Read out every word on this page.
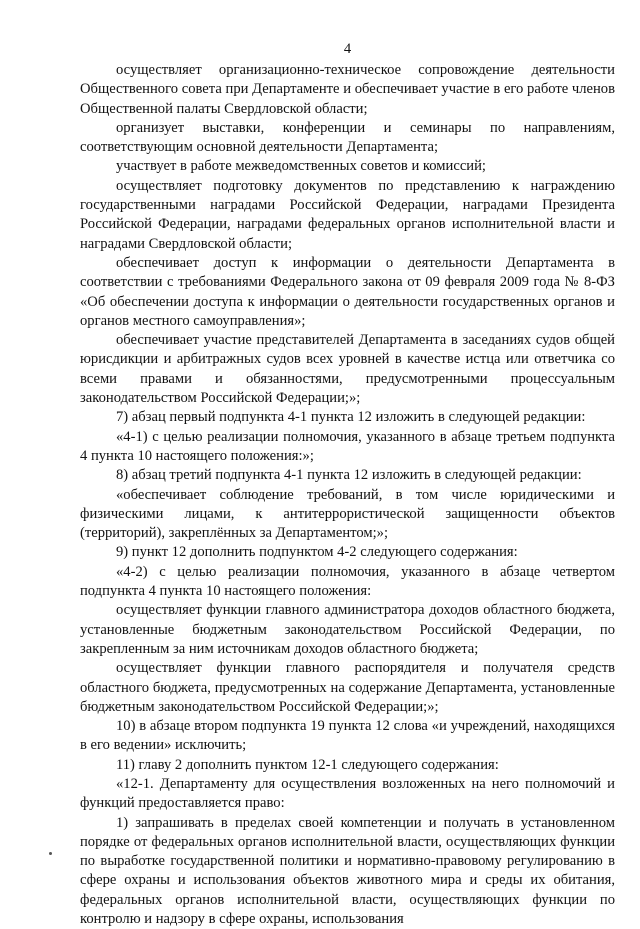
4

осуществляет организационно-техническое сопровождение деятельности Общественного совета при Департаменте и обеспечивает участие в его работе членов Общественной палаты Свердловской области;

организует выставки, конференции и семинары по направлениям, соответствующим основной деятельности Департамента;

участвует в работе межведомственных советов и комиссий;

осуществляет подготовку документов по представлению к награждению государственными наградами Российской Федерации, наградами Президента Российской Федерации, наградами федеральных органов исполнительной власти и наградами Свердловской области;

обеспечивает доступ к информации о деятельности Департамента в соответствии с требованиями Федерального закона от 09 февраля 2009 года № 8-ФЗ «Об обеспечении доступа к информации о деятельности государственных органов и органов местного самоуправления»;

обеспечивает участие представителей Департамента в заседаниях судов общей юрисдикции и арбитражных судов всех уровней в качестве истца или ответчика со всеми правами и обязанностями, предусмотренными процессуальным законодательством Российской Федерации;»;

7) абзац первый подпункта 4-1 пункта 12 изложить в следующей редакции:

«4-1) с целью реализации полномочия, указанного в абзаце третьем подпункта 4 пункта 10 настоящего положения:»;

8) абзац третий подпункта 4-1 пункта 12 изложить в следующей редакции:

«обеспечивает соблюдение требований, в том числе юридическими и физическими лицами, к антитеррористической защищенности объектов (территорий), закреплённых за Департаментом;»;

9) пункт 12 дополнить подпунктом 4-2 следующего содержания:

«4-2) с целью реализации полномочия, указанного в абзаце четвертом подпункта 4 пункта 10 настоящего положения:

осуществляет функции главного администратора доходов областного бюджета, установленные бюджетным законодательством Российской Федерации, по закрепленным за ним источникам доходов областного бюджета;

осуществляет функции главного распорядителя и получателя средств областного бюджета, предусмотренных на содержание Департамента, установленные бюджетным законодательством Российской Федерации;»;

10) в абзаце втором подпункта 19 пункта 12 слова «и учреждений, находящихся в его ведении» исключить;

11) главу 2 дополнить пунктом 12-1 следующего содержания:

«12-1. Департаменту для осуществления возложенных на него полномочий и функций предоставляется право:

1) запрашивать в пределах своей компетенции и получать в установленном порядке от федеральных органов исполнительной власти, осуществляющих функции по выработке государственной политики и нормативно-правовому регулированию в сфере охраны и использования объектов животного мира и среды их обитания, федеральных органов исполнительной власти, осуществляющих функции по контролю и надзору в сфере охраны, использования
